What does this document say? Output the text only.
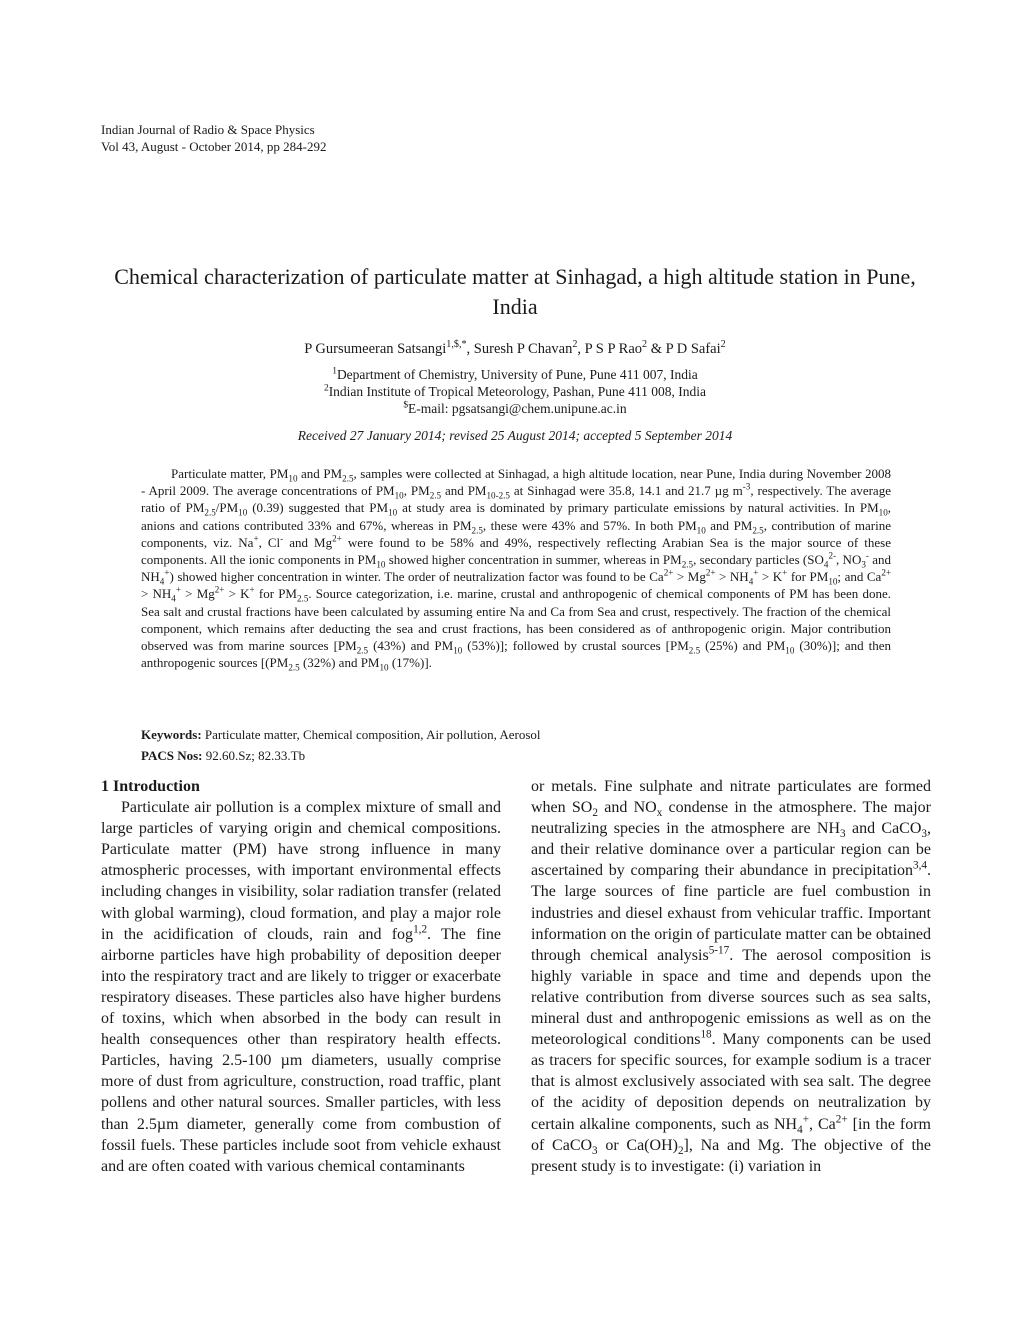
Indian Journal of Radio & Space Physics
Vol 43, August - October 2014, pp 284-292
Chemical characterization of particulate matter at Sinhagad, a high altitude station in Pune, India
P Gursumeeran Satsangi$^{1,\$,*}$, Suresh P Chavan$^2$, P S P Rao$^2$ & P D Safai$^2$
$^1$Department of Chemistry, University of Pune, Pune 411 007, India
$^2$Indian Institute of Tropical Meteorology, Pashan, Pune 411 008, India
$E-mail: pgsatsangi@chem.unipune.ac.in
Received 27 January 2014; revised 25 August 2014; accepted 5 September 2014

Particulate matter, $PM_{10}$ and $PM_{2.5}$, samples were collected at Sinhagad, a high altitude location, near Pune, India during November 2008 - April 2009. The average concentrations of $PM_{10}$, $PM_{2.5}$ and $PM_{10-2.5}$ at Sinhagad were 35.8, 14.1 and 21.7 µg $m^{-3}$, respectively. The average ratio of $PM_{2.5}/PM_{10}$ (0.39) suggested that $PM_{10}$ at study area is dominated by primary particulate emissions by natural activities. In $PM_{10}$, anions and cations contributed 33% and 67%, whereas in $PM_{2.5}$, these were 43% and 57%. In both $PM_{10}$ and $PM_{2.5}$, contribution of marine components, viz. Na+, Cl- and $Mg^{2+}$ were found to be 58% and 49%, respectively reflecting Arabian Sea is the major source of these components. All the ionic components in $PM_{10}$ showed higher concentration in summer, whereas in $PM_{2.5}$, secondary particles ($SO_4^{2-}$, $NO_3^-$ and $NH_4^+$) showed higher concentration in winter. The order of neutralization factor was found to be $Ca^{2+} > Mg^{2+} > NH_4^+ > K^+$ for $PM_{10}$; and $Ca^{2+} > NH_4^+ > Mg^{2+} > K^+$ for $PM_{2.5}$. Source categorization, i.e. marine, crustal and anthropogenic of chemical components of PM has been done. Sea salt and crustal fractions have been calculated by assuming entire Na and Ca from Sea and crust, respectively. The fraction of the chemical component, which remains after deducting the sea and crust fractions, has been considered as of anthropogenic origin. Major contribution observed was from marine sources [$PM_{2.5}$ (43%) and $PM_{10}$ (53%)]; followed by crustal sources [$PM_{2.5}$ (25%) and $PM_{10}$ (30%)]; and then anthropogenic sources [($PM_{2.5}$ (32%) and $PM_{10}$ (17%)].

Keywords: Particulate matter, Chemical composition, Air pollution, Aerosol
PACS Nos: 92.60.Sz; 82.33.Tb

1 Introduction

Particulate air pollution is a complex mixture of small and large particles of varying origin and chemical compositions. Particulate matter (PM) have strong influence in many atmospheric processes, with important environmental effects including changes in visibility, solar radiation transfer (related with global warming), cloud formation, and play a major role in the acidification of clouds, rain and fog$^{1,2}$. The fine airborne particles have high probability of deposition deeper into the respiratory tract and are likely to trigger or exacerbate respiratory diseases. These particles also have higher burdens of toxins, which when absorbed in the body can result in health consequences other than respiratory health effects. Particles, having 2.5-100 µm diameters, usually comprise more of dust from agriculture, construction, road traffic, plant pollens and other natural sources. Smaller particles, with less than 2.5µm diameter, generally come from combustion of fossil fuels. These particles include soot from vehicle exhaust and are often coated with various chemical contaminants

or metals. Fine sulphate and nitrate particulates are formed when $SO_2$ and $NO_x$ condense in the atmosphere. The major neutralizing species in the atmosphere are $NH_3$ and CaCO$_3$, and their relative dominance over a particular region can be ascertained by comparing their abundance in precipitation$^{3,4}$. The large sources of fine particle are fuel combustion in industries and diesel exhaust from vehicular traffic. Important information on the origin of particulate matter can be obtained through chemical analysis$^{5-17}$. The aerosol composition is highly variable in space and time and depends upon the relative contribution from diverse sources such as sea salts, mineral dust and anthropogenic emissions as well as on the meteorological conditions$^{18}$. Many components can be used as tracers for specific sources, for example sodium is a tracer that is almost exclusively associated with sea salt. The degree of the acidity of deposition depends on neutralization by certain alkaline components, such as $NH_4^+$, $Ca^{2+}$ [in the form of CaCO$_3$ or $Ca(OH)_2$], Na and Mg. The objective of the present study is to investigate: (i) variation in
